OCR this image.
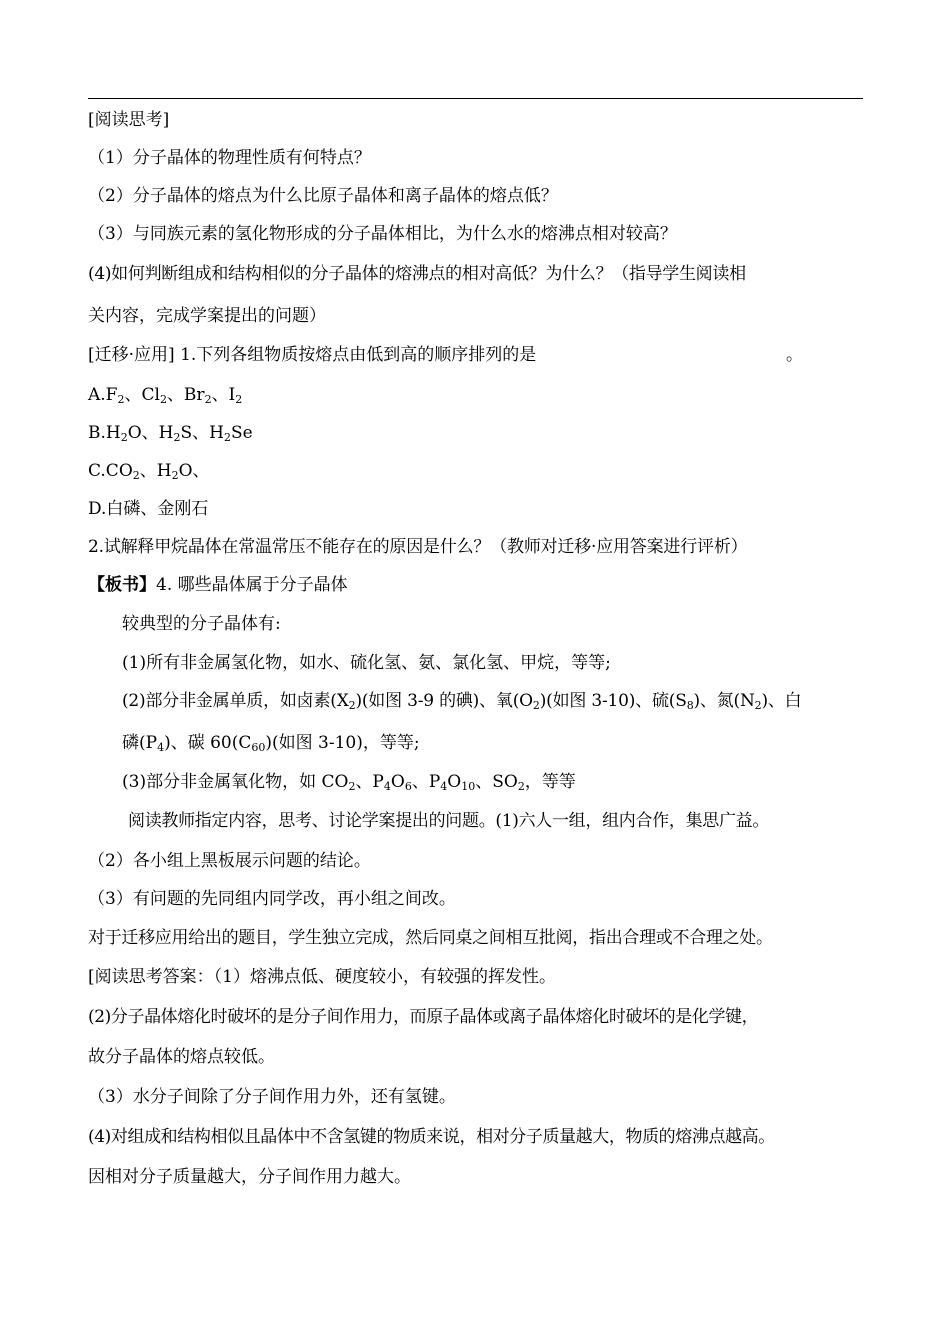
[阅读思考]
（1）分子晶体的物理性质有何特点？
（2）分子晶体的熔点为什么比原子晶体和离子晶体的熔点低？
（3）与同族元素的氢化物形成的分子晶体相比，为什么水的熔沸点相对较高？
(4)如何判断组成和结构相似的分子晶体的熔沸点的相对高低？为什么？（指导学生阅读相
关内容，完成学案提出的问题）
[迁移·应用] 1.下列各组物质按熔点由低到高的顺序排列的是	。
$A.F_2$、$Cl_2$、$Br_2$、$I_2$
$B.H_2O$、$H_2S$、$H_2Se$
$C.CO_2$、$H_2O$、
D.白磷、金刚石
2.试解释甲烷晶体在常温常压不能存在的原因是什么？（教师对迁移·应用答案进行评析）
【板书】4. 哪些晶体属于分子晶体
较典型的分子晶体有:
(1)所有非金属氢化物，如水、硫化氢、氨、氯化氢、甲烷，等等;
(2)部分非金属单质，如卤素$(X_2)$(如图 3-9 的碘)、氧$(O_2)$(如图 3-10)、硫$(S_8)$、氮$(N_2)$、白
磷$(P_4)$、碳 $60(C_{60})$(如图 3-10)，等等;
(3)部分非金属氧化物，如 $CO_2$、$P_4O_6$、$P_4O_{10}$、$SO_2$，等等
阅读教师指定内容，思考、讨论学案提出的问题。(1)六人一组，组内合作，集思广益。
（2）各小组上黑板展示问题的结论。
（3）有问题的先同组内同学改，再小组之间改。
对于迁移应用给出的题目，学生独立完成，然后同桌之间相互批阅，指出合理或不合理之处。
[阅读思考答案：（1）熔沸点低、硬度较小，有较强的挥发性。
(2)分子晶体熔化时破坏的是分子间作用力，而原子晶体或离子晶体熔化时破坏的是化学键，
故分子晶体的熔点较低。
（3）水分子间除了分子间作用力外，还有氢键。
(4)对组成和结构相似且晶体中不含氢键的物质来说，相对分子质量越大，物质的熔沸点越高。
因相对分子质量越大，分子间作用力越大。
